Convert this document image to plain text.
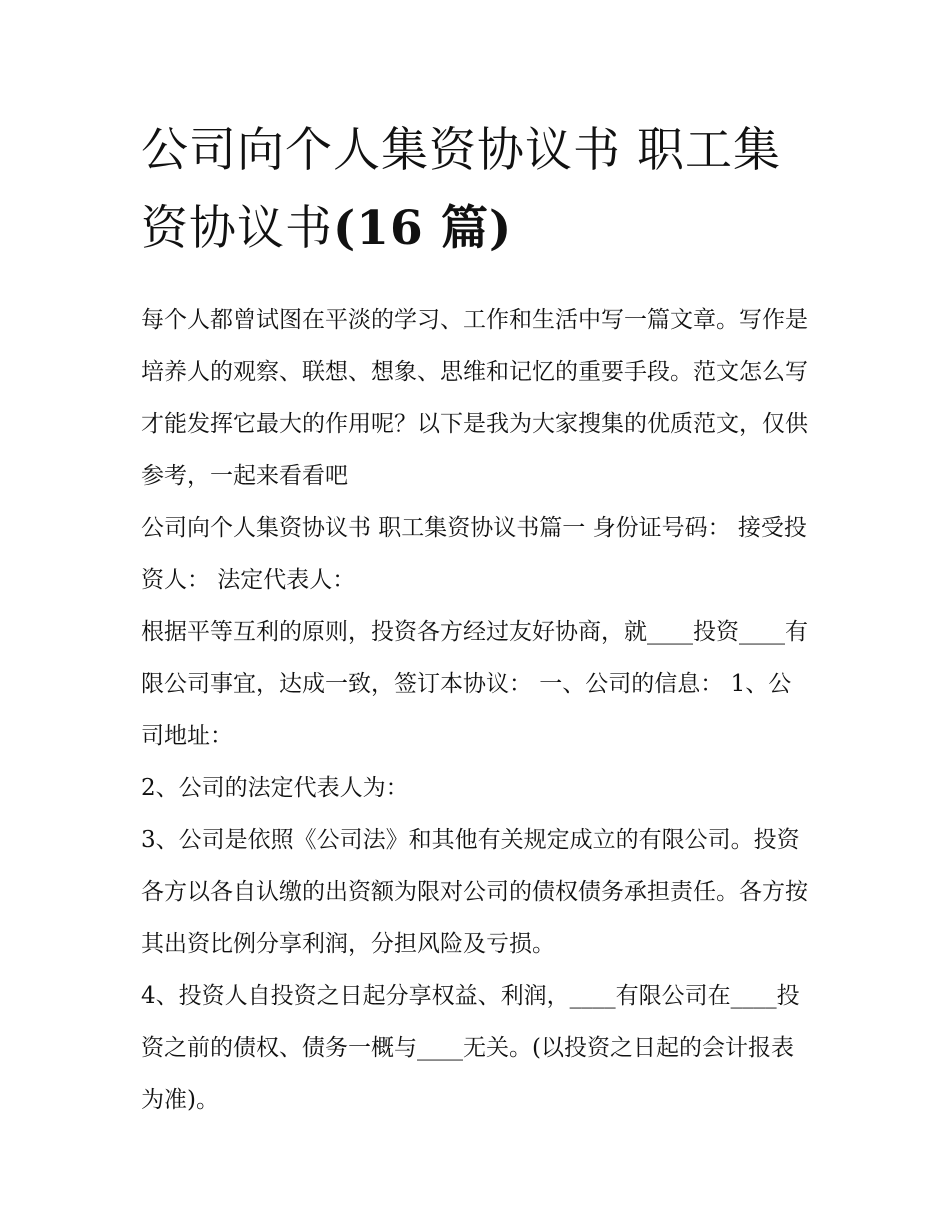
公司向个人集资协议书 职工集资协议书(16 篇)

每个人都曾试图在平淡的学习、工作和生活中写一篇文章。写作是培养人的观察、联想、想象、思维和记忆的重要手段。范文怎么写才能发挥它最大的作用呢？以下是我为大家搜集的优质范文，仅供参考，一起来看看吧

公司向个人集资协议书 职工集资协议书篇一 身份证号码： 接受投资人： 法定代表人：

根据平等互利的原则，投资各方经过友好协商，就____投资____有限公司事宜，达成一致，签订本协议： 一、公司的信息： 1、公司地址：

2、公司的法定代表人为：

3、公司是依照《公司法》和其他有关规定成立的有限公司。投资各方以各自认缴的出资额为限对公司的债权债务承担责任。各方按其出资比例分享利润，分担风险及亏损。

4、投资人自投资之日起分享权益、利润，____有限公司在____投资之前的债权、债务一概与____无关。(以投资之日起的会计报表为准)。
